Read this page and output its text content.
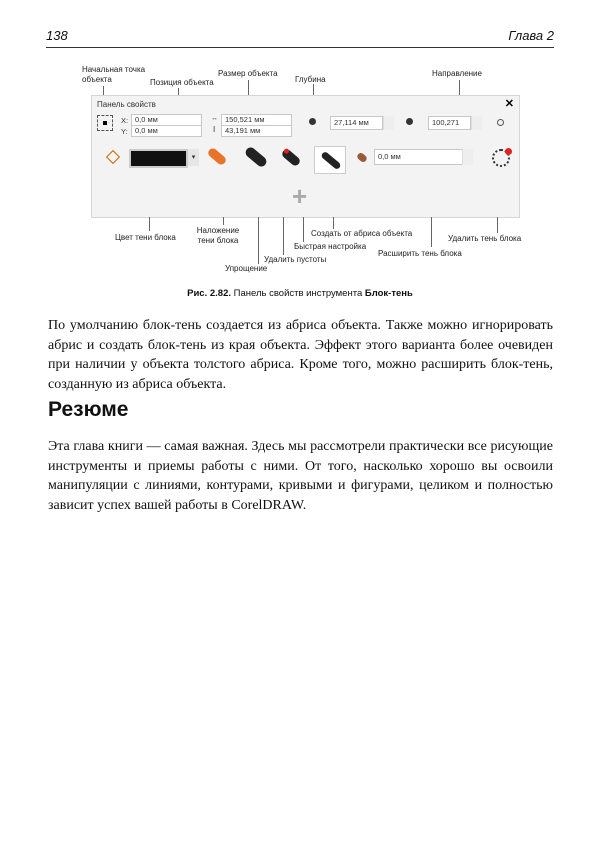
138	Глава 2
Начальная точка объекта	Позиция объекта
Размер объекта
Глубина
Направление
Панель свойств	✕
X: 0,0 мм
Y: 0,0 мм
↔ 150,521 мм
I	43,191 мм
27,114 мм	100,271
▾	0,0 мм
+
Цвет тени блока
Наложение тени блока
Упрощение
Удалить пустоты
Быстрая настройка
Создать от абриса объекта
Расширить тень блока
Удалить тень блока
Рис. 2.82. Панель свойств инструмента Блок-тень

По умолчанию блок-тень создается из абриса объекта. Также можно игнорировать абрис и создать блок-тень из края объекта. Эффект этого варианта более очевиден при наличии у объекта толстого абриса. Кроме того, можно расширить блок-тень, созданную из абриса объекта.

Резюме

Эта глава книги — самая важная. Здесь мы рассмотрели практически все рисующие инструменты и приемы работы с ними. От того, насколько хорошо вы освоили манипуляции с линиями, контурами, кривыми и фигурами, целиком и полностью зависит успех вашей работы в CorelDRAW.
